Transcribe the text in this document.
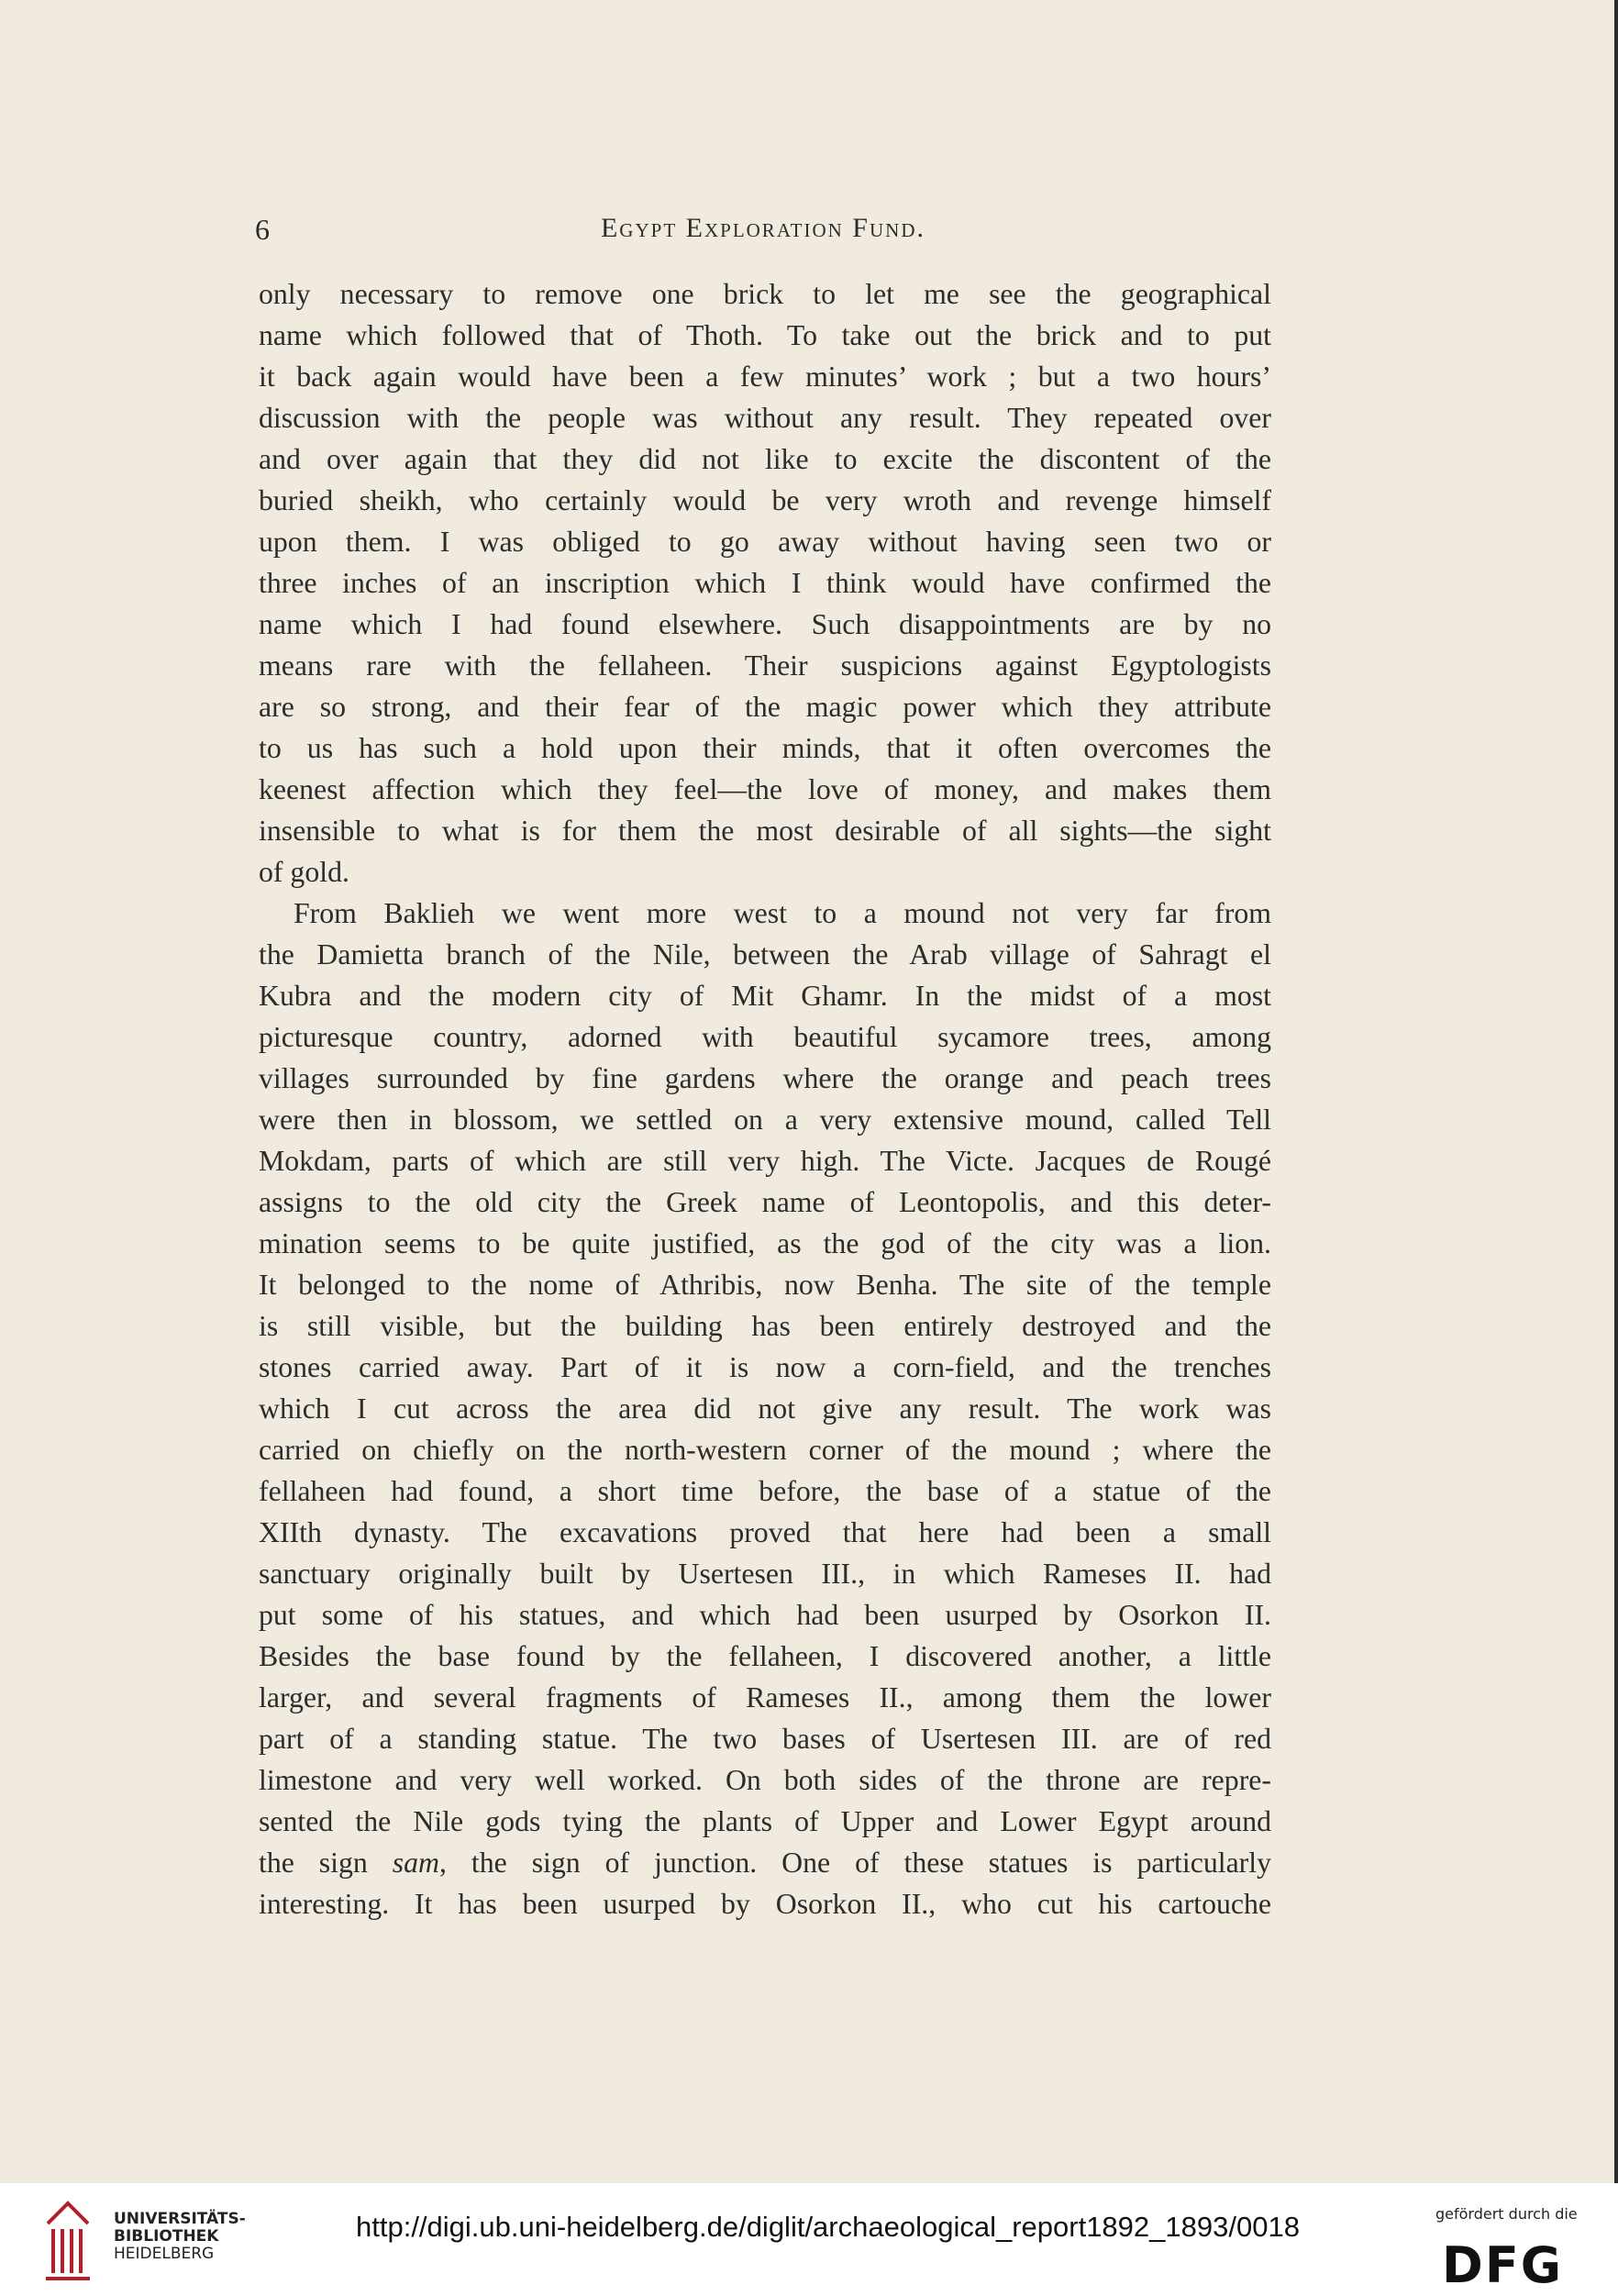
6	Egypt Exploration Fund.
only necessary to remove one brick to let me see the geographical
name which followed that of Thoth. To take out the brick and to put
it back again would have been a few minutes’ work ; but a two hours’
discussion with the people was without any result. They repeated over
and over again that they did not like to excite the discontent of the
buried sheikh, who certainly would be very wroth and revenge himself
upon them. I was obliged to go away without having seen two or
three inches of an inscription which I think would have confirmed the
name which I had found elsewhere. Such disappointments are by no
means rare with the fellaheen. Their suspicions against Egyptologists
are so strong, and their fear of the magic power which they attribute
to us has such a hold upon their minds, that it often overcomes the
keenest affection which they feel—the love of money, and makes them
insensible to what is for them the most desirable of all sights—the sight
of gold.
From Baklieh we went more west to a mound not very far from
the Damietta branch of the Nile, between the Arab village of Sahragt el
Kubra and the modern city of Mit Ghamr. In the midst of a most
picturesque country, adorned with beautiful sycamore trees, among
villages surrounded by fine gardens where the orange and peach trees
were then in blossom, we settled on a very extensive mound, called Tell
Mokdam, parts of which are still very high. The Victe. Jacques de Rougé
assigns to the old city the Greek name of Leontopolis, and this deter-
mination seems to be quite justified, as the god of the city was a lion.
It belonged to the nome of Athribis, now Benha. The site of the temple
is still visible, but the building has been entirely destroyed and the
stones carried away. Part of it is now a corn-field, and the trenches
which I cut across the area did not give any result. The work was
carried on chiefly on the north-western corner of the mound ; where the
fellaheen had found, a short time before, the base of a statue of the
XIIth dynasty. The excavations proved that here had been a small
sanctuary originally built by Usertesen III., in which Rameses II. had
put some of his statues, and which had been usurped by Osorkon II.
Besides the base found by the fellaheen, I discovered another, a little
larger, and several fragments of Rameses II., among them the lower
part of a standing statue. The two bases of Usertesen III. are of red
limestone and very well worked. On both sides of the throne are repre-
sented the Nile gods tying the plants of Upper and Lower Egypt around
the sign sam, the sign of junction. One of these statues is particularly
interesting. It has been usurped by Osorkon II., who cut his cartouche
UNIVERSITÄTS-
BIBLIOTHEK
HEIDELBERG
http://digi.ub.uni-heidelberg.de/diglit/archaeological_report1892_1893/0018	gefördert durch die
DFG
